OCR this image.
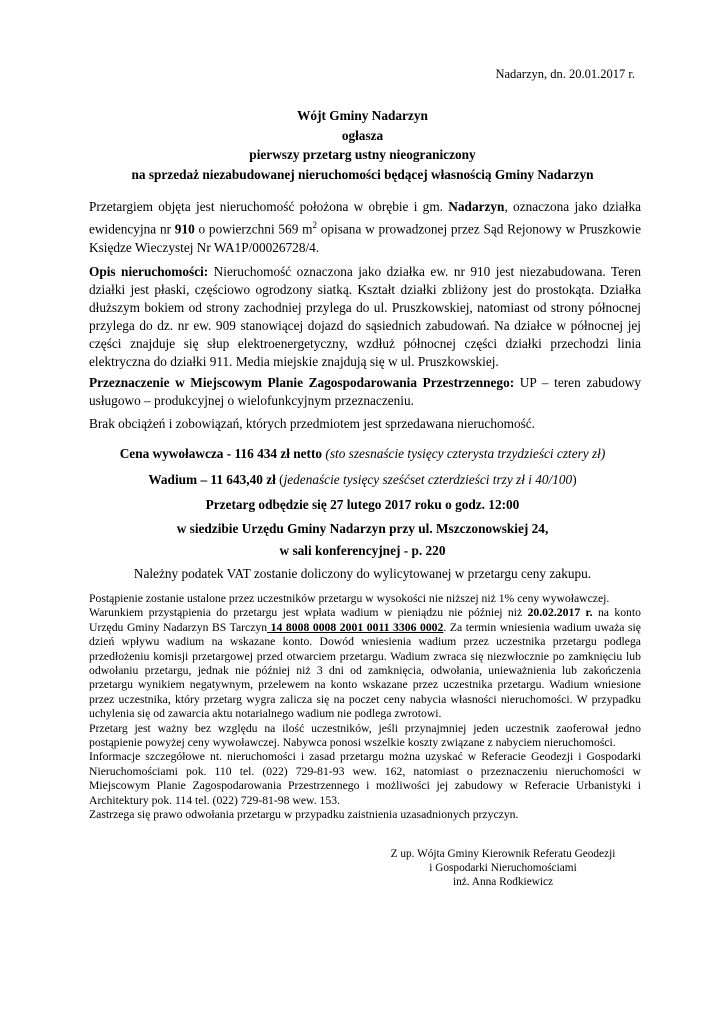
Nadarzyn, dn. 20.01.2017 r.
Wójt Gminy Nadarzyn
ogłasza
pierwszy przetarg ustny nieograniczony
na sprzedaż niezabudowanej nieruchomości będącej własnością Gminy Nadarzyn
Przetargiem objęta jest nieruchomość położona w obrębie i gm. Nadarzyn, oznaczona jako działka ewidencyjna nr 910 o powierzchni 569 $m^2$ opisana w prowadzonej przez Sąd Rejonowy w Pruszkowie Księdze Wieczystej Nr WA1P/00026728/4.
Opis nieruchomości: Nieruchomość oznaczona jako działka ew. nr 910 jest niezabudowana. Teren działki jest płaski, częściowo ogrodzony siatką. Kształt działki zbliżony jest do prostokąta. Działka dłuższym bokiem od strony zachodniej przylega do ul. Pruszkowskiej, natomiast od strony północnej przylega do dz. nr ew. 909 stanowiącej dojazd do sąsiednich zabudowań. Na działce w północnej jej części znajduje się słup elektroenergetyczny, wzdłuż północnej części działki przechodzi linia elektryczna do działki 911. Media miejskie znajdują się w ul. Pruszkowskiej.
Przeznaczenie w Miejscowym Planie Zagospodarowania Przestrzennego: UP – teren zabudowy usługowo – produkcyjnej o wielofunkcyjnym przeznaczeniu.
Brak obciążeń i zobowiązań, których przedmiotem jest sprzedawana nieruchomość.
Cena wywoławcza - 116 434 zł netto (sto szesnaście tysięcy czterysta trzydzieści cztery zł)
Wadium – 11 643,40 zł (jedenaście tysięcy sześćset czterdzieści trzy zł i 40/100)
Przetarg odbędzie się 27 lutego 2017 roku o godz. 12:00
w siedzibie Urzędu Gminy Nadarzyn przy ul. Mszczonowskiej 24,
w sali konferencyjnej - p. 220
Należny podatek VAT zostanie doliczony do wylicytowanej w przetargu ceny zakupu.

Postąpienie zostanie ustalone przez uczestników przetargu w wysokości nie niższej niż 1% ceny wywoławczej.

Warunkiem przystąpienia do przetargu jest wpłata wadium w pieniądzu nie później niż 20.02.2017 r. na konto Urzędu Gminy Nadarzyn BS Tarczyn 14 8008 0008 2001 0011 3306 0002. Za termin wniesienia wadium uważa się dzień wpływu wadium na wskazane konto. Dowód wniesienia wadium przez uczestnika przetargu podlega przedłożeniu komisji przetargowej przed otwarciem przetargu. Wadium zwraca się niezwłocznie po zamknięciu lub odwołaniu przetargu, jednak nie później niż 3 dni od zamknięcia, odwołania, unieważnienia lub zakończenia przetargu wynikiem negatywnym, przelewem na konto wskazane przez uczestnika przetargu. Wadium wniesione przez uczestnika, który przetarg wygra zalicza się na poczet ceny nabycia własności nieruchomości. W przypadku uchylenia się od zawarcia aktu notarialnego wadium nie podlega zwrotowi.

Przetarg jest ważny bez względu na ilość uczestników, jeśli przynajmniej jeden uczestnik zaoferował jedno postąpienie powyżej ceny wywoławczej. Nabywca ponosi wszelkie koszty związane z nabyciem nieruchomości.

Informacje szczegółowe nt. nieruchomości i zasad przetargu można uzyskać w Referacie Geodezji i Gospodarki Nieruchomościami pok. 110 tel. (022) 729-81-93 wew. 162, natomiast o przeznaczeniu nieruchomości w Miejscowym Planie Zagospodarowania Przestrzennego i możliwości jej zabudowy w Referacie Urbanistyki i Architektury pok. 114 tel. (022) 729-81-98 wew. 153.

Zastrzega się prawo odwołania przetargu w przypadku zaistnienia uzasadnionych przyczyn.

Z up. Wójta Gminy Kierownik Referatu Geodezji
i Gospodarki Nieruchomościami
inż. Anna Rodkiewicz
